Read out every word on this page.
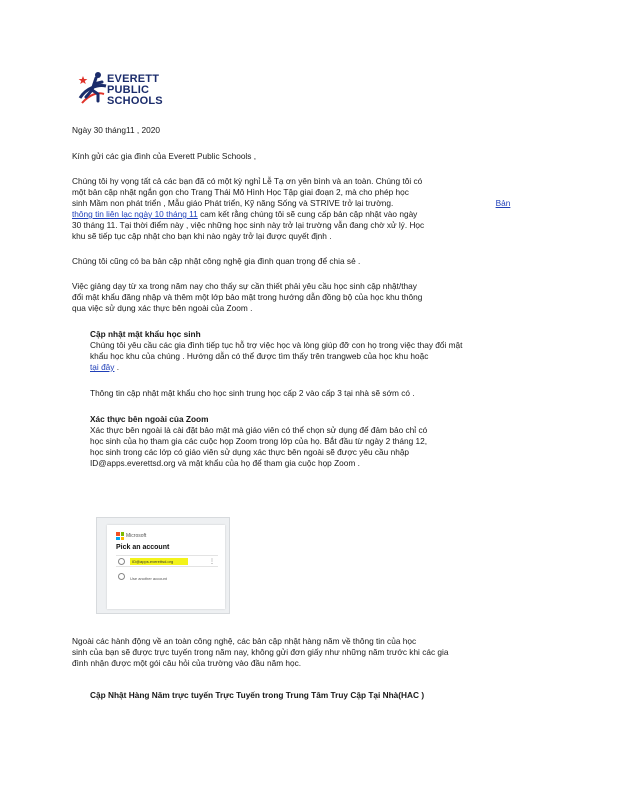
EVERETT
PUBLIC
SCHOOLS
Ngày 30 tháng11 , 2020
Kính gửi các gia đình của Everett Public Schools ,
Chúng tôi hy vọng tất cả các bạn đã có một kỳ nghỉ Lễ Tạ ơn yên bình và an toàn. Chúng tôi có
một bản cập nhật ngắn gọn cho Trang Thái Mô Hình Học Tập giai đoạn 2, mà cho phép học
sinh Mầm non phát triển , Mẫu giáo Phát triển, Kỹ năng Sống và STRIVE trở lại trường.	Bản
thông tin liên lạc ngày 10 tháng 11 cam kết rằng chúng tôi sẽ cung cấp bản cập nhật vào ngày
30 tháng 11. Tại thời điểm này , việc những học sinh này trở lại trường vẫn đang chờ xử lý. Học
khu sẽ tiếp tục cập nhật cho bạn khi nào ngày trở lại được quyết định .
Chúng tôi cũng có ba bản cập nhật công nghệ gia đình quan trọng để chia sẻ .
Việc giảng dạy từ xa trong năm nay cho thấy sự cần thiết phải yêu cầu học sinh cập nhật/thay
đổi mật khẩu đăng nhập và thêm một lớp bảo mật trong hướng dẫn đồng bộ của học khu thông
qua việc sử dụng xác thực bên ngoài của Zoom .
Cập nhật mật khẩu học sinh
Chúng tôi yêu cầu các gia đình tiếp tục hỗ trợ việc học và lòng giúp đỡ con họ trong việc thay đổi mật
khẩu học khu của chúng . Hướng dẫn có thể được tìm thấy trên trangweb của học khu hoặc
tại đây .
Thông tin cập nhật mật khẩu cho học sinh trung học cấp 2 vào cấp 3 tại nhà sẽ sớm có .
Xác thực bên ngoài của Zoom
Xác thực bên ngoài là cài đặt bảo mật mà giáo viên có thể chọn sử dụng để đảm bảo chỉ có
học sinh của họ tham gia các cuộc họp Zoom trong lớp của họ. Bắt đầu từ ngày 2 tháng 12,
học sinh trong các lớp có giáo viên sử dụng xác thực bên ngoài sẽ được yêu cầu nhập
ID@apps.everettsd.org và mật khẩu của họ để tham gia cuộc họp Zoom .
Microsoft
Pick an account
ID@apps.everettsd.org	⋮
Use another account
Ngoài các hành động về an toàn công nghệ, các bản cập nhật hàng năm về thông tin của học
sinh của bạn sẽ được trực tuyến trong năm nay, không gửi đơn giấy như những năm trước khi các gia
đình nhận được một gói câu hỏi của trường vào đầu năm học.
Cập Nhật Hàng Năm trực tuyến Trực Tuyến trong Trung Tâm Truy Cập Tại Nhà(HAC )
